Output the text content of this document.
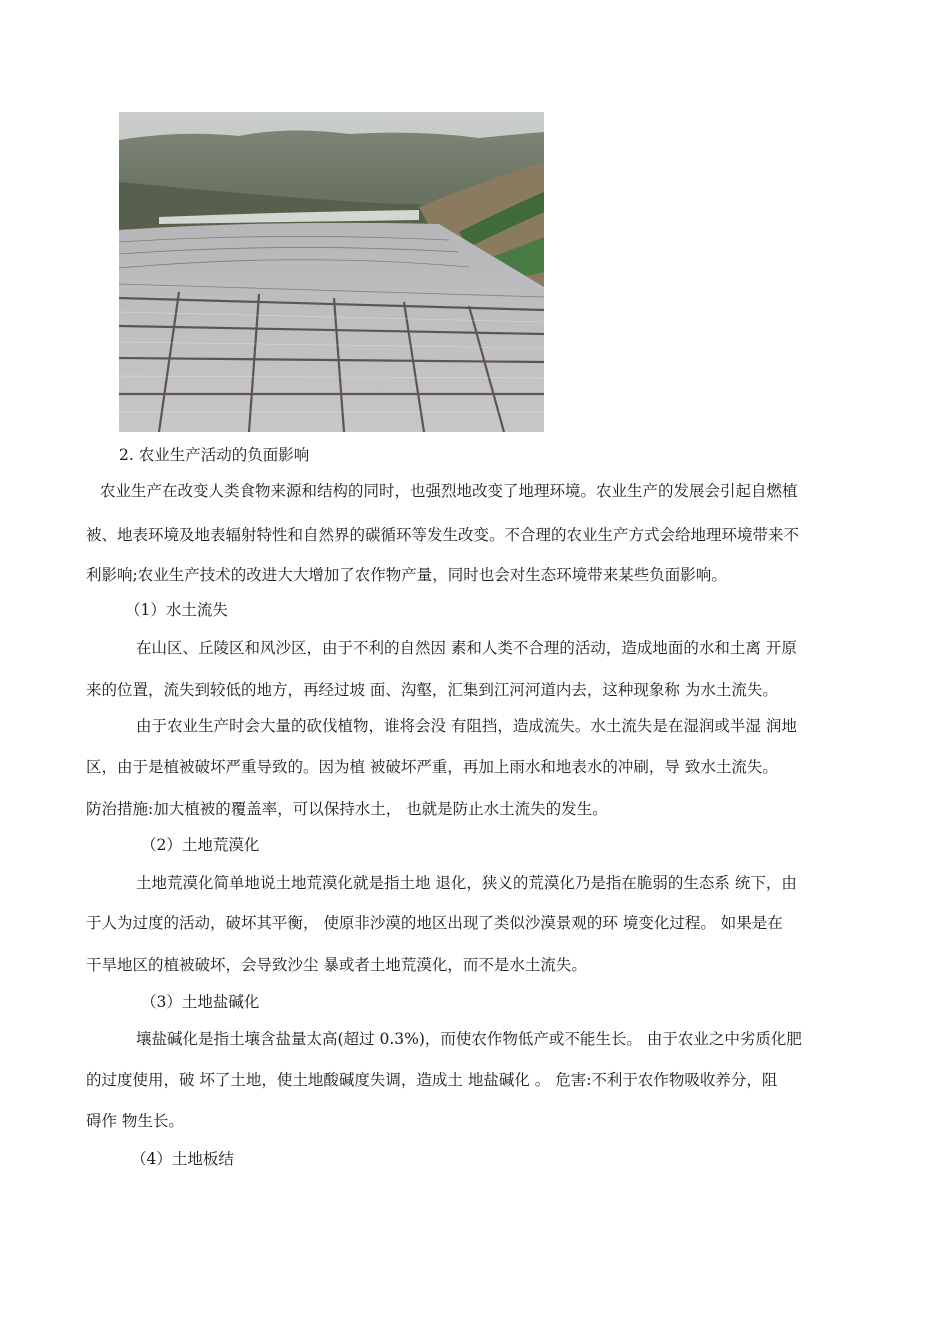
2. 农业生产活动的负面影响

农业生产在改变人类食物来源和结构的同时，也强烈地改变了地理环境。农业生产的发展会引起自燃植

被、地表环境及地表辐射特性和自然界的碳循环等发生改变。不合理的农业生产方式会给地理环境带来不

利影响;农业生产技术的改进大大增加了农作物产量，同时也会对生态环境带来某些负面影响。

（1）水土流失

在山区、丘陵区和风沙区，由于不利的自然因 素和人类不合理的活动，造成地面的水和土离 开原

来的位置，流失到较低的地方，再经过坡 面、沟壑，汇集到江河河道内去，这种现象称 为水土流失。

由于农业生产时会大量的砍伐植物，谁将会没 有阻挡，造成流失。水土流失是在湿润或半湿 润地

区，由于是植被破坏严重导致的。因为植 被破坏严重，再加上雨水和地表水的冲刷，导 致水土流失。

防治措施:加大植被的覆盖率，可以保持水土， 也就是防止水土流失的发生。

（2）土地荒漠化

土地荒漠化简单地说土地荒漠化就是指土地 退化，狭义的荒漠化乃是指在脆弱的生态系 统下，由

于人为过度的活动，破坏其平衡， 使原非沙漠的地区出现了类似沙漠景观的环 境变化过程。 如果是在

干旱地区的植被破坏，会导致沙尘 暴或者土地荒漠化，而不是水土流失。

（3）土地盐碱化

壤盐碱化是指土壤含盐量太高(超过 0.3%)，而使农作物低产或不能生长。 由于农业之中劣质化肥

的过度使用，破 坏了土地，使土地酸碱度失调，造成土 地盐碱化 。 危害:不利于农作物吸收养分，阻

碍作 物生长。

（4）土地板结
